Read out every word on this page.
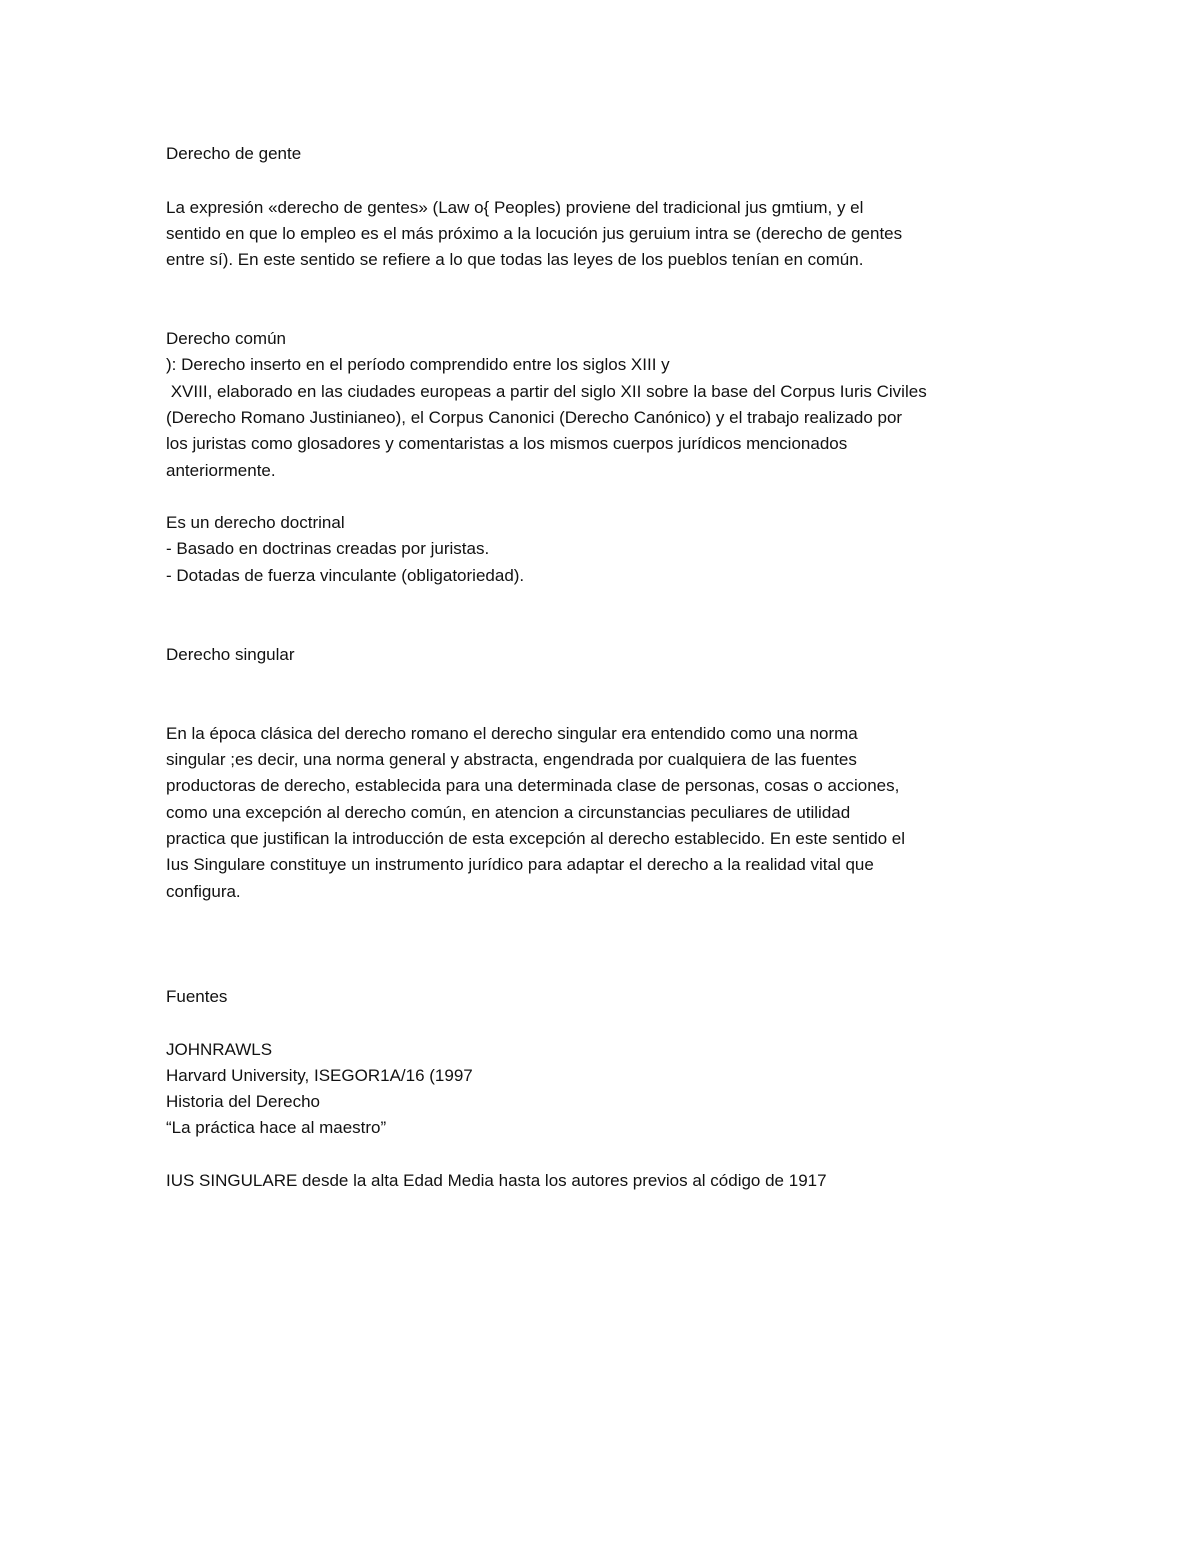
Derecho de gente

La expresión «derecho de gentes» (Law o{ Peoples) proviene del tradicional jus gmtium, y el

sentido en que lo empleo es el más próximo a la locución jus geruium intra se (derecho de gentes

entre sí). En este sentido se refiere a lo que todas las leyes de los pueblos tenían en común.

Derecho común

): Derecho inserto en el período comprendido entre los siglos XIII y

XVIII, elaborado en las ciudades europeas a partir del siglo XII sobre la base del Corpus Iuris Civiles

(Derecho Romano Justinianeo), el Corpus Canonici (Derecho Canónico) y el trabajo realizado por

los juristas como glosadores y comentaristas a los mismos cuerpos jurídicos mencionados

anteriormente.

Es un derecho doctrinal

- Basado en doctrinas creadas por juristas.

- Dotadas de fuerza vinculante (obligatoriedad).

Derecho singular

En la época clásica del derecho romano el derecho singular era entendido como una norma

singular ;es decir, una norma general y abstracta, engendrada por cualquiera de las fuentes

productoras de derecho, establecida para una determinada clase de personas, cosas o acciones,

como una excepción al derecho común, en atencion a circunstancias peculiares de utilidad

practica que justifican la introducción de esta excepción al derecho establecido. En este sentido el

Ius Singulare constituye un instrumento jurídico para adaptar el derecho a la realidad vital que

configura.

Fuentes

JOHNRAWLS

Harvard University, ISEGOR1A/16 (1997

Historia del Derecho

“La práctica hace al maestro”

IUS SINGULARE desde la alta Edad Media hasta los autores previos al código de 1917
